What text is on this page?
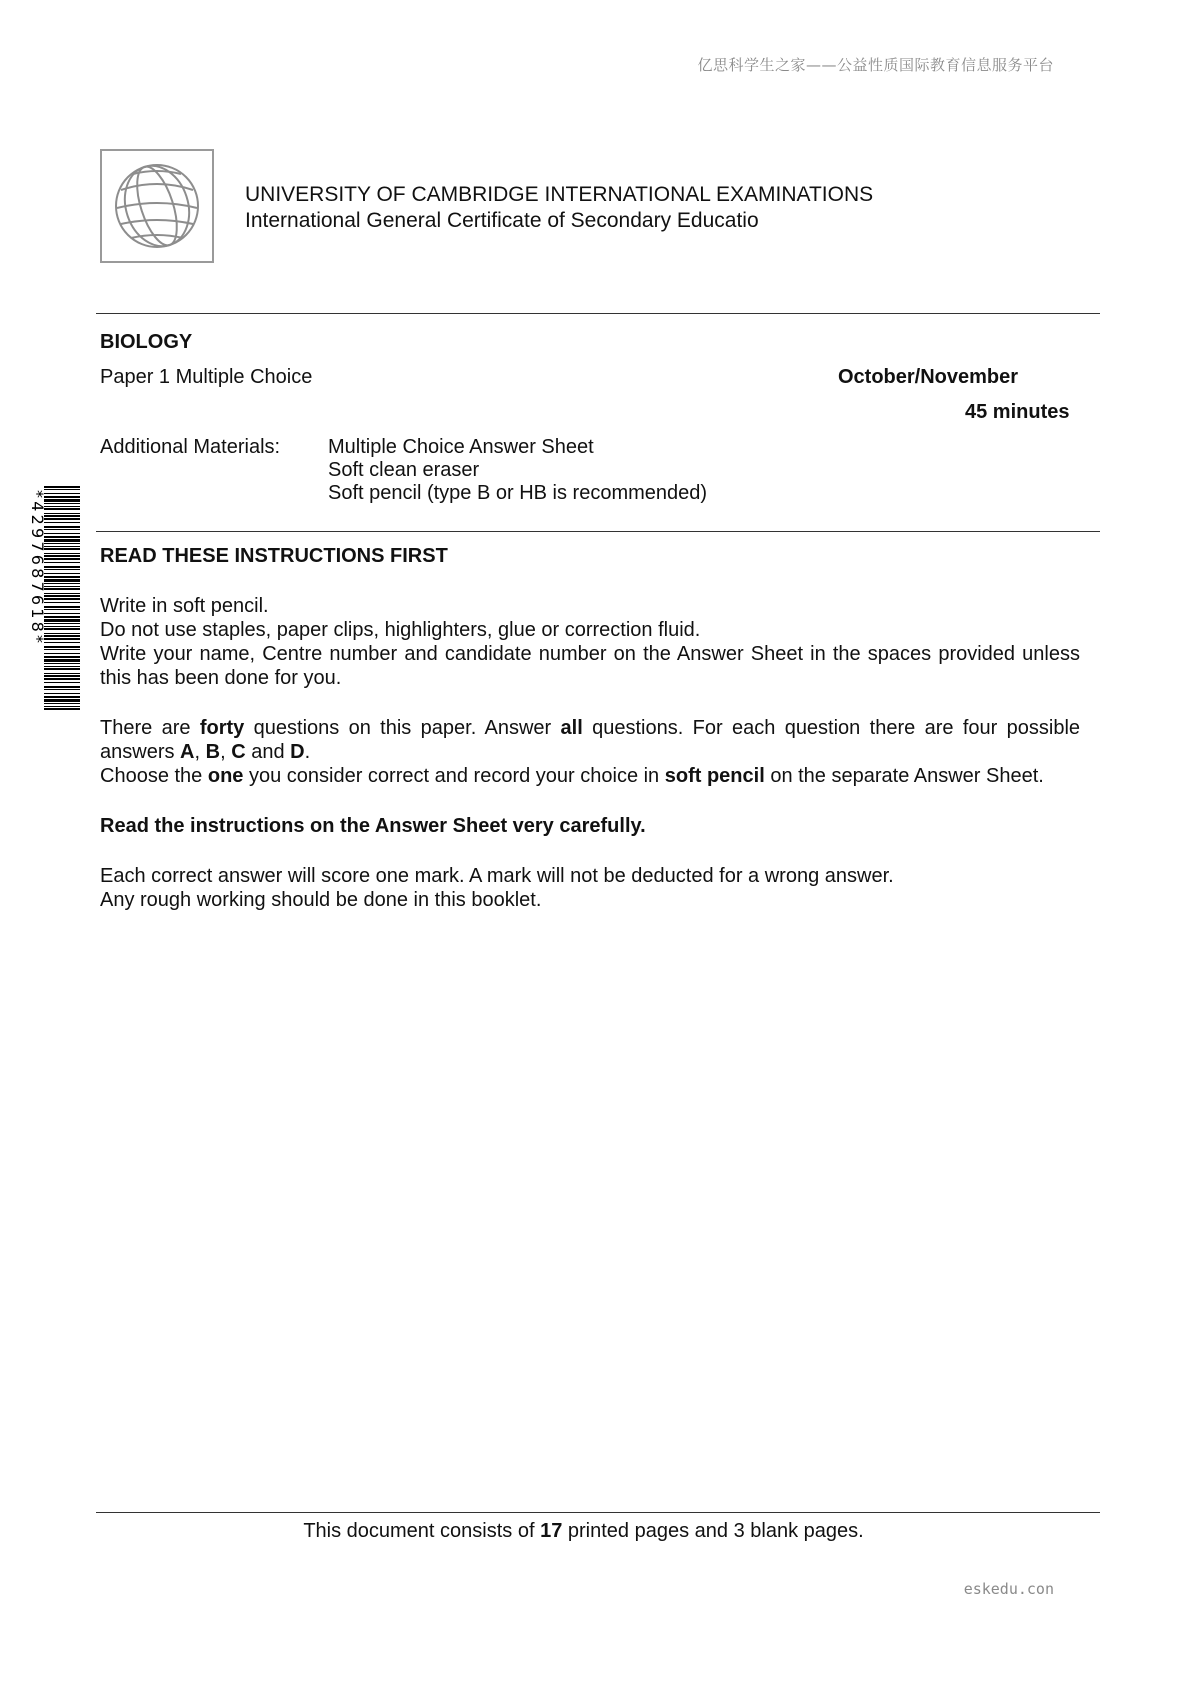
亿思科学生之家——公益性质国际教育信息服务平台
UNIVERSITY OF CAMBRIDGE INTERNATIONAL EXAMINATIONS
International General Certificate of Secondary Educatio
BIOLOGY
Paper 1 Multiple Choice	October/November
45 minutes
Additional Materials: Multiple Choice Answer Sheet
Soft clean eraser
Soft pencil (type B or HB is recommended)
*4297687618*	READ THESE INSTRUCTIONS FIRST

Write in soft pencil.

Do not use staples, paper clips, highlighters, glue or correction fluid.

Write your name, Centre number and candidate number on the Answer Sheet in the spaces provided unless this has been done for you.

There are forty questions on this paper. Answer all questions. For each question there are four possible answers A, B, C and D.

Choose the one you consider correct and record your choice in soft pencil on the separate Answer Sheet.

Read the instructions on the Answer Sheet very carefully.

Each correct answer will score one mark. A mark will not be deducted for a wrong answer.

Any rough working should be done in this booklet.

This document consists of 17 printed pages and 3 blank pages.
eskedu.con
